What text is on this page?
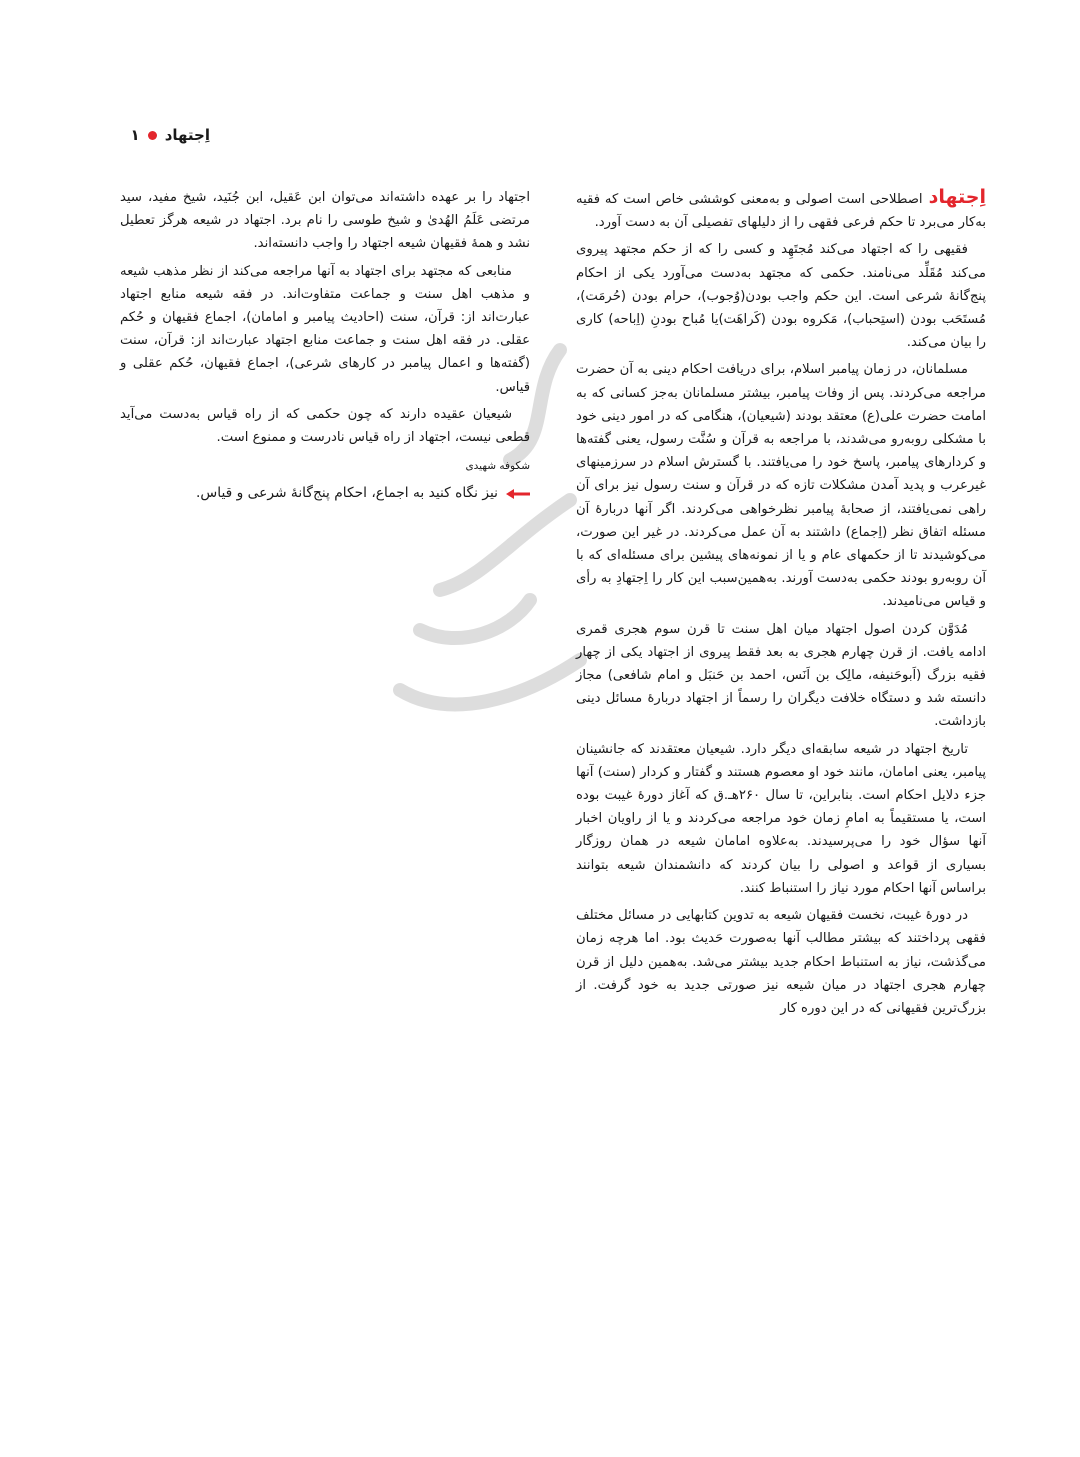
اِجتهاد
۱

اِجتهاداصطلاحی است اصولی و به‌معنی کوششی خاص است که فقیه به‌کار می‌برد تا حکم فرعی فقهی را از دلیلهای تفصیلی آن به دست آورد.

فقیهی را که اجتهاد می‌کند مُجتَهِد و کسی را که از حکم مجتهد پیروی می‌کند مُقَلِّد می‌نامند. حکمی که مجتهد به‌دست می‌آورد یکی از احکام پنج‌گانهٔ شرعی است. این حکم واجب بودن(وُجوب)، حرام بودن (حُرمَت)، مُستَحَب بودن (استِحباب)، مَکروه بودن (کَراهَت)یا مُباح بودنِ (اِباحه) کاری را بیان می‌کند.

مسلمانان، در زمان پیامبر اسلام، برای دریافت احکام دینی به آن حضرت مراجعه می‌کردند. پس از وفات پیامبر، بیشتر مسلمانان به‌جز کسانی که به امامت حضرت علی(ع) معتقد بودند (شیعیان)، هنگامی که در امور دینی خود با مشکلی روبه‌رو می‌شدند، با مراجعه به قرآن و سُنَّت رسول، یعنی گفته‌ها و کردارهای پیامبر، پاسخ خود را می‌یافتند. با گسترش اسلام در سرزمینهای غیرعرب و پدید آمدن مشکلات تازه که در قرآن و سنت رسول نیز برای آن راهی نمی‌یافتند، از صحابهٔ پیامبر نظرخواهی می‌کردند. اگر آنها دربارهٔ آن مسئله اتفاق نظر (اِجماع) داشتند به آن عمل می‌کردند. در غیر این صورت، می‌کوشیدند تا از حکمهای عام و یا از نمونه‌های پیشین برای مسئله‌ای که با آن روبه‌رو بودند حکمی به‌دست آورند. به‌همین‌سبب این کار را اِجتهادِ به رأی و قیاس می‌نامیدند.

مُدَوَّن کردن اصول اجتهاد میان اهل سنت تا قرن سوم هجری قمری ادامه یافت. از قرن چهارم هجری به بعد فقط پیروی از اجتهاد یکی از چهار فقیه بزرگ (اَبوحَنیفه، مالِک بن اَنَس، احمد بن حَنبَل و امام شافعی) مجاز دانسته شد و دستگاه خلافت دیگران را رسماً از اجتهاد دربارهٔ مسائل دینی بازداشت.

تاریخ اجتهاد در شیعه سابقه‌ای دیگر دارد. شیعیان معتقدند که جانشینان پیامبر، یعنی امامان، مانند خود او معصوم هستند و گفتار و کردار (سنت) آنها جزء دلایل احکام است. بنابراین، تا سال ۲۶۰هـ.ق که آغاز دورهٔ غیبت بوده است، یا مستقیماً به امامِ زمان خود مراجعه می‌کردند و یا از راویان اخبار آنها سؤال خود را می‌پرسیدند. به‌علاوه امامان شیعه در همان روزگار بسیاری از قواعد و اصولی را بیان کردند که دانشمندان شیعه بتوانند براساس آنها احکام مورد نیاز را استنباط کنند.

در دورهٔ غیبت، نخست فقیهان شیعه به تدوین کتابهایی در مسائل مختلف فقهی پرداختند که بیشتر مطالب آنها به‌صورت حَدیث بود. اما هرچه زمان می‌گذشت، نیاز به استنباط احکام جدید بیشتر می‌شد. به‌همین دلیل از قرن چهارم هجری اجتهاد در میان شیعه نیز صورتی جدید به خود گرفت. از بزرگ‌ترین فقیهانی که در این دوره کار

اجتهاد را بر عهده داشته‌اند می‌توان ابن عَقیل، ابن جُنَید، شیخ مفید، سید مرتضی عَلَمُ الهُدیٰ و شیخ طوسی را نام برد. اجتهاد در شیعه هرگز تعطیل نشد و همهٔ فقیهان شیعه اجتهاد را واجب دانسته‌اند.

منابعی که مجتهد برای اجتهاد به آنها مراجعه می‌کند از نظر مذهب شیعه و مذهب اهل سنت و جماعت متفاوت‌اند. در فقه شیعه منابع اجتهاد عبارت‌اند از: قرآن، سنت (احادیث پیامبر و امامان)، اجماع فقیهان و حُکم عقلی. در فقه اهل سنت و جماعت منابع اجتهاد عبارت‌اند از: قرآن، سنت (گفته‌ها و اعمال پیامبر در کارهای شرعی)، اجماع فقیهان، حُکم عقلی و قیاس.

شیعیان عقیده دارند که چون حکمی که از راه قیاس به‌دست می‌آید قطعی نیست، اجتهاد از راه قیاس نادرست و ممنوع است.

شکوفه شهیدی
نیز نگاه کنید به اجماع، احکام پنج‌گانهٔ شرعی و قیاس.
